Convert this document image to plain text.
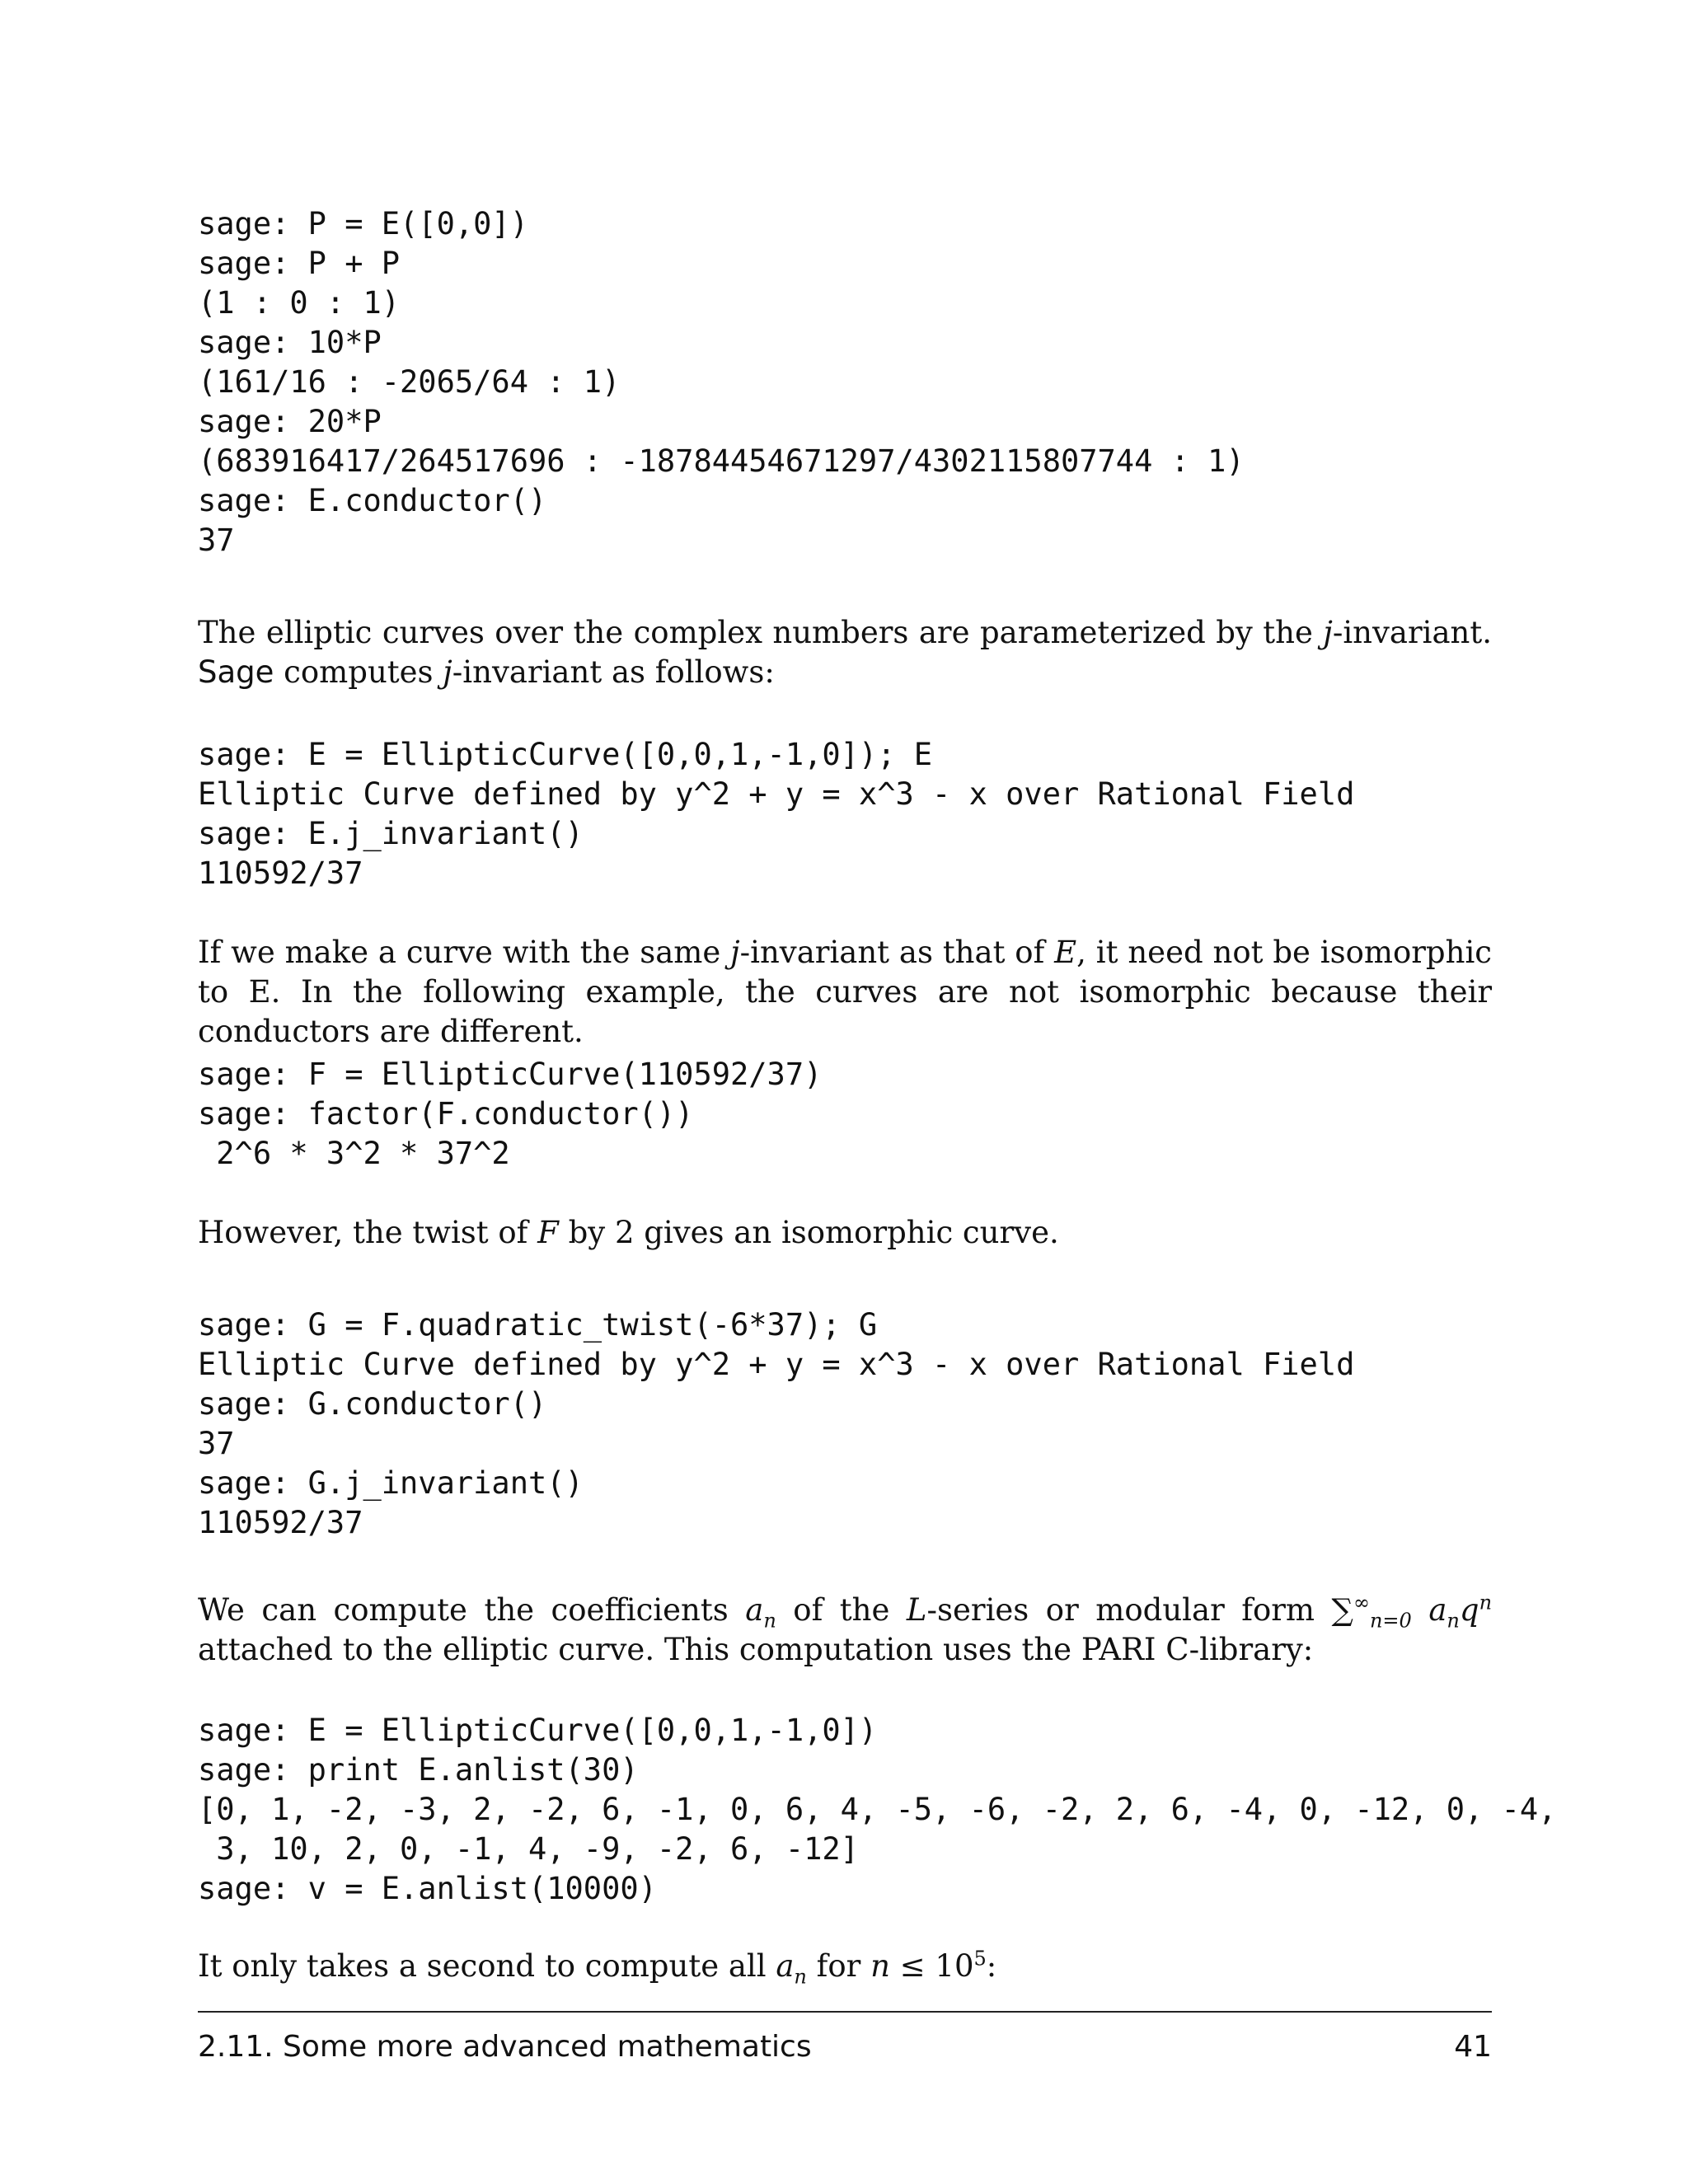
sage: P = E([0,0])
sage: P + P
(1 : 0 : 1)
sage: 10*P
(161/16 : -2065/64 : 1)
sage: 20*P
(683916417/264517696 : -18784454671297/4302115807744 : 1)
sage: E.conductor()
37

The elliptic curves over the complex numbers are parameterized by the j-invariant. Sage computes j-invariant as follows:

sage: E = EllipticCurve([0,0,1,-1,0]); E
Elliptic Curve defined by y^2 + y = x^3 - x over Rational Field
sage: E.j_invariant()
110592/37

If we make a curve with the same j-invariant as that of E, it need not be isomorphic to E. In the following example, the curves are not isomorphic because their conductors are different.

sage: F = EllipticCurve(110592/37)
sage: factor(F.conductor())
2^6 * 3^2 * 37^2

However, the twist of F by 2 gives an isomorphic curve.

sage: G = F.quadratic_twist(-6*37); G
Elliptic Curve defined by y^2 + y = x^3 - x over Rational Field
sage: G.conductor()
37
sage: G.j_invariant()
110592/37

We can compute the coefficients $a_n$ of the L-series or modular form $\sum^\infty_{n=0}$ $a_nq^n$ attached to the elliptic curve. This computation uses the PARI C-library:

sage: E = EllipticCurve([0,0,1,-1,0])
sage: print E.anlist(30)
[0, 1, -2, -3, 2, -2, 6, -1, 0, 6, 4, -5, -6, -2, 2, 6, -4, 0, -12, 0, -4,
3, 10, 2, 0, -1, 4, -9, -2, 6, -12]
sage: v = E.anlist(10000)

It only takes a second to compute all $a_n$ for $n \le 10^5$:

2.11. Some more advanced mathematics	41
